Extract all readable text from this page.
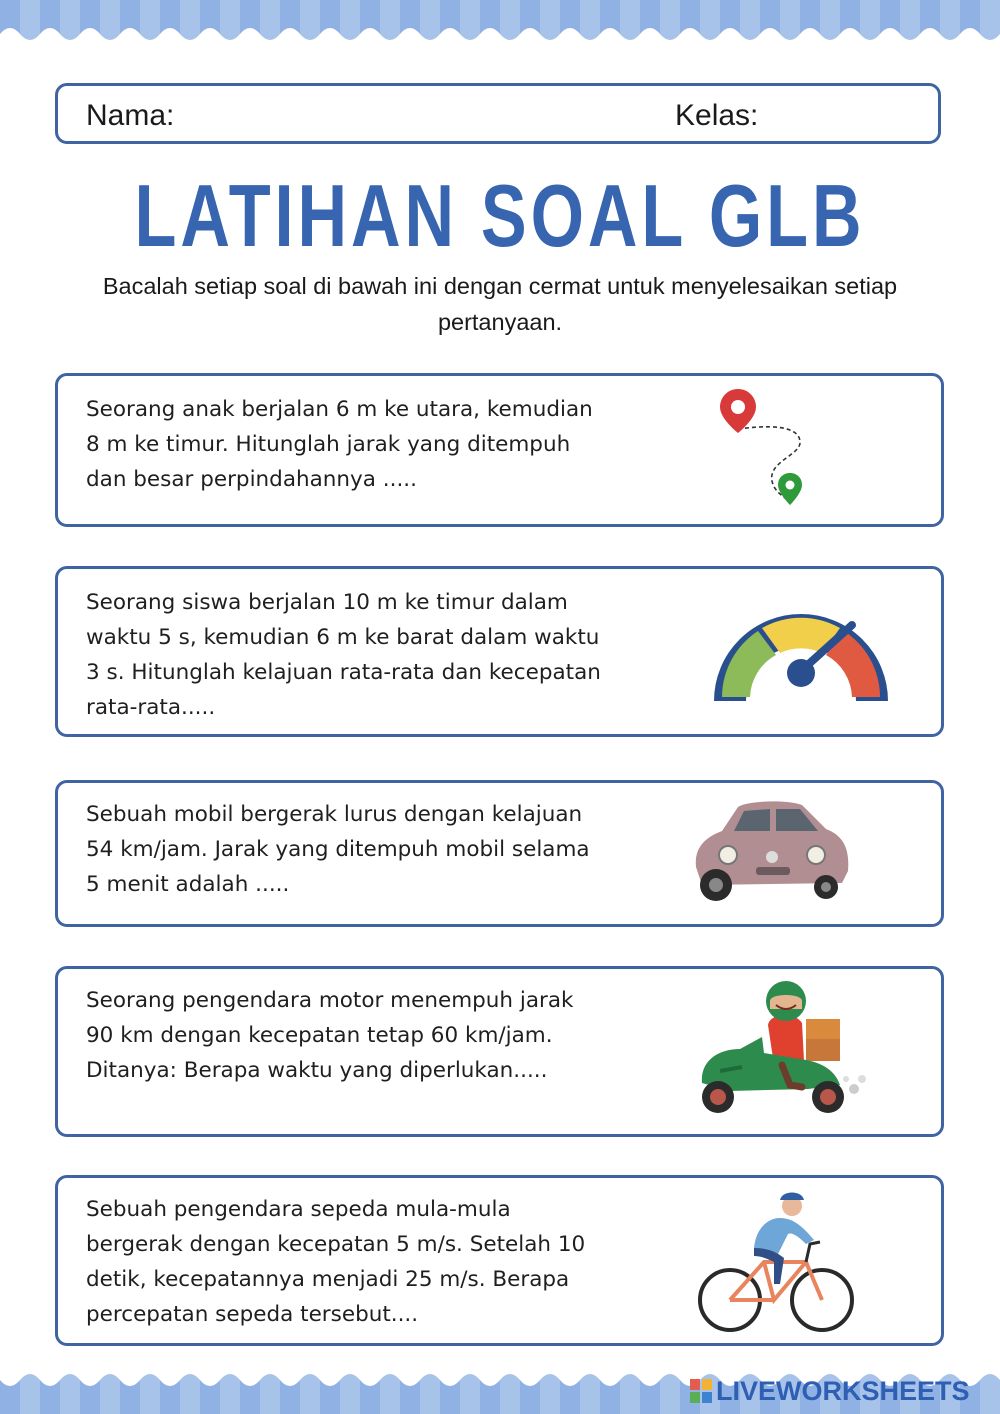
Nama:	Kelas:
LATIHAN SOAL GLB
Bacalah setiap soal di bawah ini dengan cermat untuk menyelesaikan setiap pertanyaan.
Seorang anak berjalan 6 m ke utara, kemudian
8 m ke timur. Hitunglah jarak yang ditempuh
dan besar perpindahannya .....
Seorang siswa berjalan 10 m ke timur dalam
waktu 5 s, kemudian 6 m ke barat dalam waktu
3 s. Hitunglah kelajuan rata-rata dan kecepatan
rata-rata.....
Sebuah mobil bergerak lurus dengan kelajuan
54 km/jam. Jarak yang ditempuh mobil selama
5 menit adalah .....
Seorang pengendara motor menempuh jarak
90 km dengan kecepatan tetap 60 km/jam.
Ditanya: Berapa waktu yang diperlukan.....
Sebuah pengendara sepeda mula-mula
bergerak dengan kecepatan 5 m/s. Setelah 10
detik, kecepatannya menjadi 25 m/s. Berapa
percepatan sepeda tersebut....
LIVEWORKSHEETS
